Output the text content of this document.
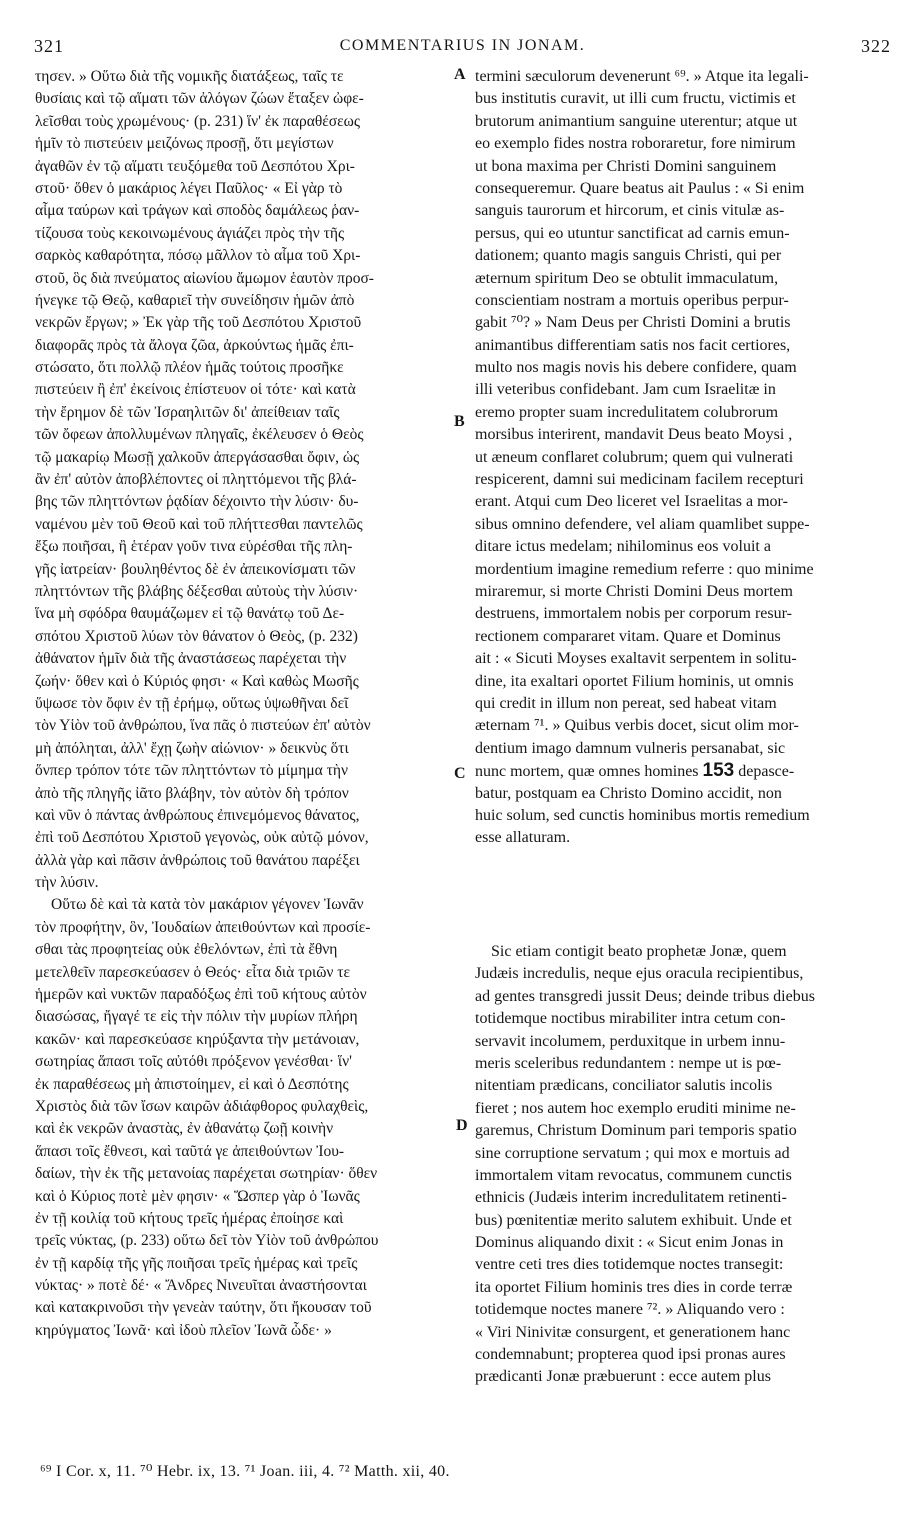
321	COMMENTARIUS IN JONAM.	322
τησεν. » Οὕτω διὰ τῆς νομικῆς διατάξεως, ταῖς τε
θυσίαις καὶ τῷ αἵματι τῶν ἀλόγων ζώων ἔταξεν ὠφε-
λεῖσθαι τοὺς χρωμένους· (p. 231) ἵν' ἐκ παραθέσεως
ἡμῖν τὸ πιστεύειν μειζόνως προσῇ, ὅτι μεγίστων
ἀγαθῶν ἐν τῷ αἵματι τευξόμεθα τοῦ Δεσπότου Χρι-
στοῦ· ὅθεν ὁ μακάριος λέγει Παῦλος· « Εἰ γὰρ τὸ
αἷμα ταύρων καὶ τράγων καὶ σποδὸς δαμάλεως ῥαν-
τίζουσα τοὺς κεκοινωμένους ἁγιάζει πρὸς τὴν τῆς
σαρκὸς καθαρότητα, πόσῳ μᾶλλον τὸ αἷμα τοῦ Χρι-
στοῦ, ὃς διὰ πνεύματος αἰωνίου ἄμωμον ἑαυτὸν προσ-
ήνεγκε τῷ Θεῷ, καθαριεῖ τὴν συνείδησιν ἡμῶν ἀπὸ
νεκρῶν ἔργων; » Ἐκ γὰρ τῆς τοῦ Δεσπότου Χριστοῦ
διαφορᾶς πρὸς τὰ ἄλογα ζῶα, ἀρκούντως ἡμᾶς ἐπι-
στώσατο, ὅτι πολλῷ πλέον ἡμᾶς τούτοις προσῆκε
πιστεύειν ἢ ἐπ' ἐκείνοις ἐπίστευον οἱ τότε· καὶ κατὰ
τὴν ἔρημον δὲ τῶν Ἰσραηλιτῶν δι' ἀπείθειαν ταῖς
τῶν ὄφεων ἀπολλυμένων πληγαῖς, ἐκέλευσεν ὁ Θεὸς
τῷ μακαρίῳ Μωσῇ χαλκοῦν ἀπεργάσασθαι ὄφιν, ὡς
ἂν ἐπ' αὐτὸν ἀποβλέποντες οἱ πληττόμενοι τῆς βλά-
βης τῶν πληττόντων ῥᾳδίαν δέχοιντο τὴν λύσιν· δυ-
ναμένου μὲν τοῦ Θεοῦ καὶ τοῦ πλήττεσθαι παντελῶς
ἔξω ποιῆσαι, ἢ ἑτέραν γοῦν τινα εὑρέσθαι τῆς πλη-
γῆς ἰατρείαν· βουληθέντος δὲ ἐν ἀπεικονίσματι τῶν
πληττόντων τῆς βλάβης δέξεσθαι αὐτοὺς τὴν λύσιν·
ἵνα μὴ σφόδρα θαυμάζωμεν εἰ τῷ θανάτῳ τοῦ Δε-
σπότου Χριστοῦ λύων τὸν θάνατον ὁ Θεὸς, (p. 232)
ἀθάνατον ἡμῖν διὰ τῆς ἀναστάσεως παρέχεται τὴν
ζωήν· ὅθεν καὶ ὁ Κύριός φησι· « Καὶ καθὼς Μωσῆς
ὕψωσε τὸν ὄφιν ἐν τῇ ἐρήμῳ, οὕτως ὑψωθῆναι δεῖ
τὸν Υἱὸν τοῦ ἀνθρώπου, ἵνα πᾶς ὁ πιστεύων ἐπ' αὐτὸν
μὴ ἀπόληται, ἀλλ' ἔχῃ ζωὴν αἰώνιον· » δεικνὺς ὅτι
ὅνπερ τρόπον τότε τῶν πληττόντων τὸ μίμημα τὴν
ἀπὸ τῆς πληγῆς ἰᾶτο βλάβην, τὸν αὐτὸν δὴ τρόπον
καὶ νῦν ὁ πάντας ἀνθρώπους ἐπινεμόμενος θάνατος,
ἐπὶ τοῦ Δεσπότου Χριστοῦ γεγονὼς, οὐκ αὐτῷ μόνον,
ἀλλὰ γὰρ καὶ πᾶσιν ἀνθρώποις τοῦ θανάτου παρέξει
τὴν λύσιν.
Οὕτω δὲ καὶ τὰ κατὰ τὸν μακάριον γέγονεν Ἰωνᾶν
τὸν προφήτην, ὃν, Ἰουδαίων ἀπειθούντων καὶ προσίε-
σθαι τὰς προφητείας οὐκ ἐθελόντων, ἐπὶ τὰ ἔθνη
μετελθεῖν παρεσκεύασεν ὁ Θεός· εἶτα διὰ τριῶν τε
ἡμερῶν καὶ νυκτῶν παραδόξως ἐπὶ τοῦ κήτους αὐτὸν
διασώσας, ἤγαγέ τε εἰς τὴν πόλιν τὴν μυρίων πλήρη
κακῶν· καὶ παρεσκεύασε κηρύξαντα τὴν μετάνοιαν,
σωτηρίας ἅπασι τοῖς αὐτόθι πρόξενον γενέσθαι· ἵν'
ἐκ παραθέσεως μὴ ἀπιστοίημεν, εἰ καὶ ὁ Δεσπότης
Χριστὸς διὰ τῶν ἴσων καιρῶν ἀδιάφθορος φυλαχθεὶς,
καὶ ἐκ νεκρῶν ἀναστὰς, ἐν ἀθανάτῳ ζωῇ κοινὴν
ἅπασι τοῖς ἔθνεσι, καὶ ταῦτά γε ἀπειθούντων Ἰου-
δαίων, τὴν ἐκ τῆς μετανοίας παρέχεται σωτηρίαν· ὅθεν
καὶ ὁ Κύριος ποτὲ μὲν φησιν· « Ὥσπερ γὰρ ὁ Ἰωνᾶς
ἐν τῇ κοιλίᾳ τοῦ κήτους τρεῖς ἡμέρας ἐποίησε καὶ
τρεῖς νύκτας, (p. 233) οὕτω δεῖ τὸν Υἱὸν τοῦ ἀνθρώπου
ἐν τῇ καρδίᾳ τῆς γῆς ποιῆσαι τρεῖς ἡμέρας καὶ τρεῖς
νύκτας· » ποτὲ δέ· « Ἄνδρες Νινευῖται ἀναστήσονται
καὶ κατακρινοῦσι τὴν γενεὰν ταύτην, ὅτι ἤκουσαν τοῦ
κηρύγματος Ἰωνᾶ· καὶ ἰδοὺ πλεῖον Ἰωνᾶ ὧδε· »
termini sæculorum devenerunt ⁶⁹. » Atque ita legali-
bus institutis curavit, ut illi cum fructu, victimis et
brutorum animantium sanguine uterentur; atque ut
eo exemplo fides nostra roboraretur, fore nimirum
ut bona maxima per Christi Domini sanguinem
consequeremur. Quare beatus ait Paulus : « Si enim
sanguis taurorum et hircorum, et cinis vitulæ as-
persus, qui eo utuntur sanctificat ad carnis emun-
dationem; quanto magis sanguis Christi, qui per
æternum spiritum Deo se obtulit immaculatum,
conscientiam nostram a mortuis operibus perpur-
gabit ⁷⁰? » Nam Deus per Christi Domini a brutis
animantibus differentiam satis nos facit certiores,
multo nos magis novis his debere confidere, quam
illi veteribus confidebant. Jam cum Israelitæ in
eremo propter suam incredulitatem colubrorum
morsibus interirent, mandavit Deus beato Moysi ,
ut æneum conflaret colubrum; quem qui vulnerati
respicerent, damni sui medicinam facilem recepturi
erant. Atqui cum Deo liceret vel Israelitas a mor-
sibus omnino defendere, vel aliam quamlibet suppe-
ditare ictus medelam; nihilominus eos voluit a
mordentium imagine remedium referre : quo minime
miraremur, si morte Christi Domini Deus mortem
destruens, immortalem nobis per corporum resur-
rectionem compararet vitam. Quare et Dominus
ait : « Sicuti Moyses exaltavit serpentem in solitu-
dine, ita exaltari oportet Filium hominis, ut omnis
qui credit in illum non pereat, sed habeat vitam
æternam ⁷¹. » Quibus verbis docet, sicut olim mor-
dentium imago damnum vulneris persanabat, sic
nunc mortem, quæ omnes homines 153 depasce-
batur, postquam ea Christo Domino accidit, non
huic solum, sed cunctis hominibus mortis remedium
esse allaturam.
Sic etiam contigit beato prophetæ Jonæ, quem
Judæis incredulis, neque ejus oracula recipientibus,
ad gentes transgredi jussit Deus; deinde tribus diebus
totidemque noctibus mirabiliter intra cetum con-
servavit incolumem, perduxitque in urbem innu-
meris sceleribus redundantem : nempe ut is pœ-
nitentiam prædicans, conciliator salutis incolis
fieret ; nos autem hoc exemplo eruditi minime ne-
garemus, Christum Dominum pari temporis spatio
sine corruptione servatum ; qui mox e mortuis ad
immortalem vitam revocatus, communem cunctis
ethnicis (Judæis interim incredulitatem retinenti-
bus) pœnitentiæ merito salutem exhibuit. Unde et
Dominus aliquando dixit : « Sicut enim Jonas in
ventre ceti tres dies totidemque noctes transegit:
ita oportet Filium hominis tres dies in corde terræ
totidemque noctes manere ⁷². » Aliquando vero :
« Viri Ninivitæ consurgent, et generationem hanc
condemnabunt; propterea quod ipsi pronas aures
prædicanti Jonæ præbuerunt : ecce autem plus
A
B
C
D
⁶⁹ I Cor. x, 11. ⁷⁰ Hebr. ix, 13. ⁷¹ Joan. iii, 4. ⁷² Matth. xii, 40.
